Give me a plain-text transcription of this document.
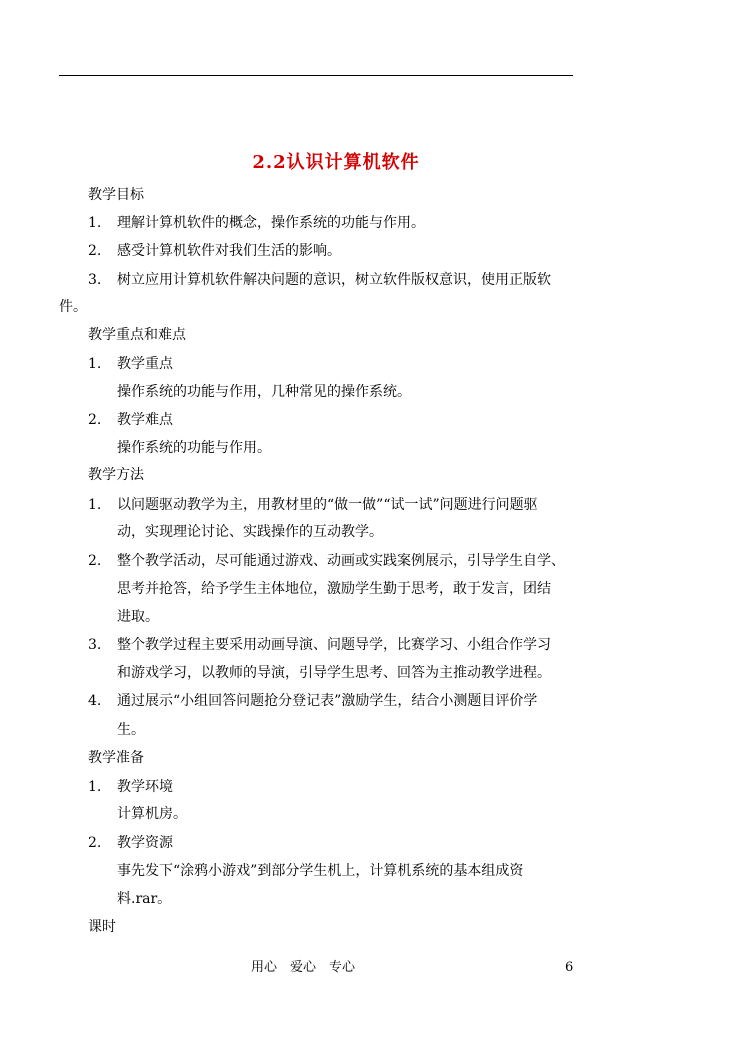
2.2认识计算机软件
教学目标
1. 理解计算机软件的概念，操作系统的功能与作用。
2. 感受计算机软件对我们生活的影响。
3. 树立应用计算机软件解决问题的意识，树立软件版权意识，使用正版软
件。
教学重点和难点
1. 教学重点
操作系统的功能与作用，几种常见的操作系统。
2. 教学难点
操作系统的功能与作用。
教学方法
1. 以问题驱动教学为主，用教材里的“做一做”“试一试”问题进行问题驱
动，实现理论讨论、实践操作的互动教学。
2. 整个教学活动，尽可能通过游戏、动画或实践案例展示，引导学生自学、
思考并抢答，给予学生主体地位，激励学生勤于思考，敢于发言，团结
进取。
3. 整个教学过程主要采用动画导演、问题导学，比赛学习、小组合作学习
和游戏学习，以教师的导演，引导学生思考、回答为主推动教学进程。
4. 通过展示“小组回答问题抢分登记表”激励学生，结合小测题目评价学
生。
教学准备
1. 教学环境
计算机房。
2. 教学资源
事先发下“涂鸦小游戏”到部分学生机上，计算机系统的基本组成资
料.rar。
课时
用心　爱心　专心	6
